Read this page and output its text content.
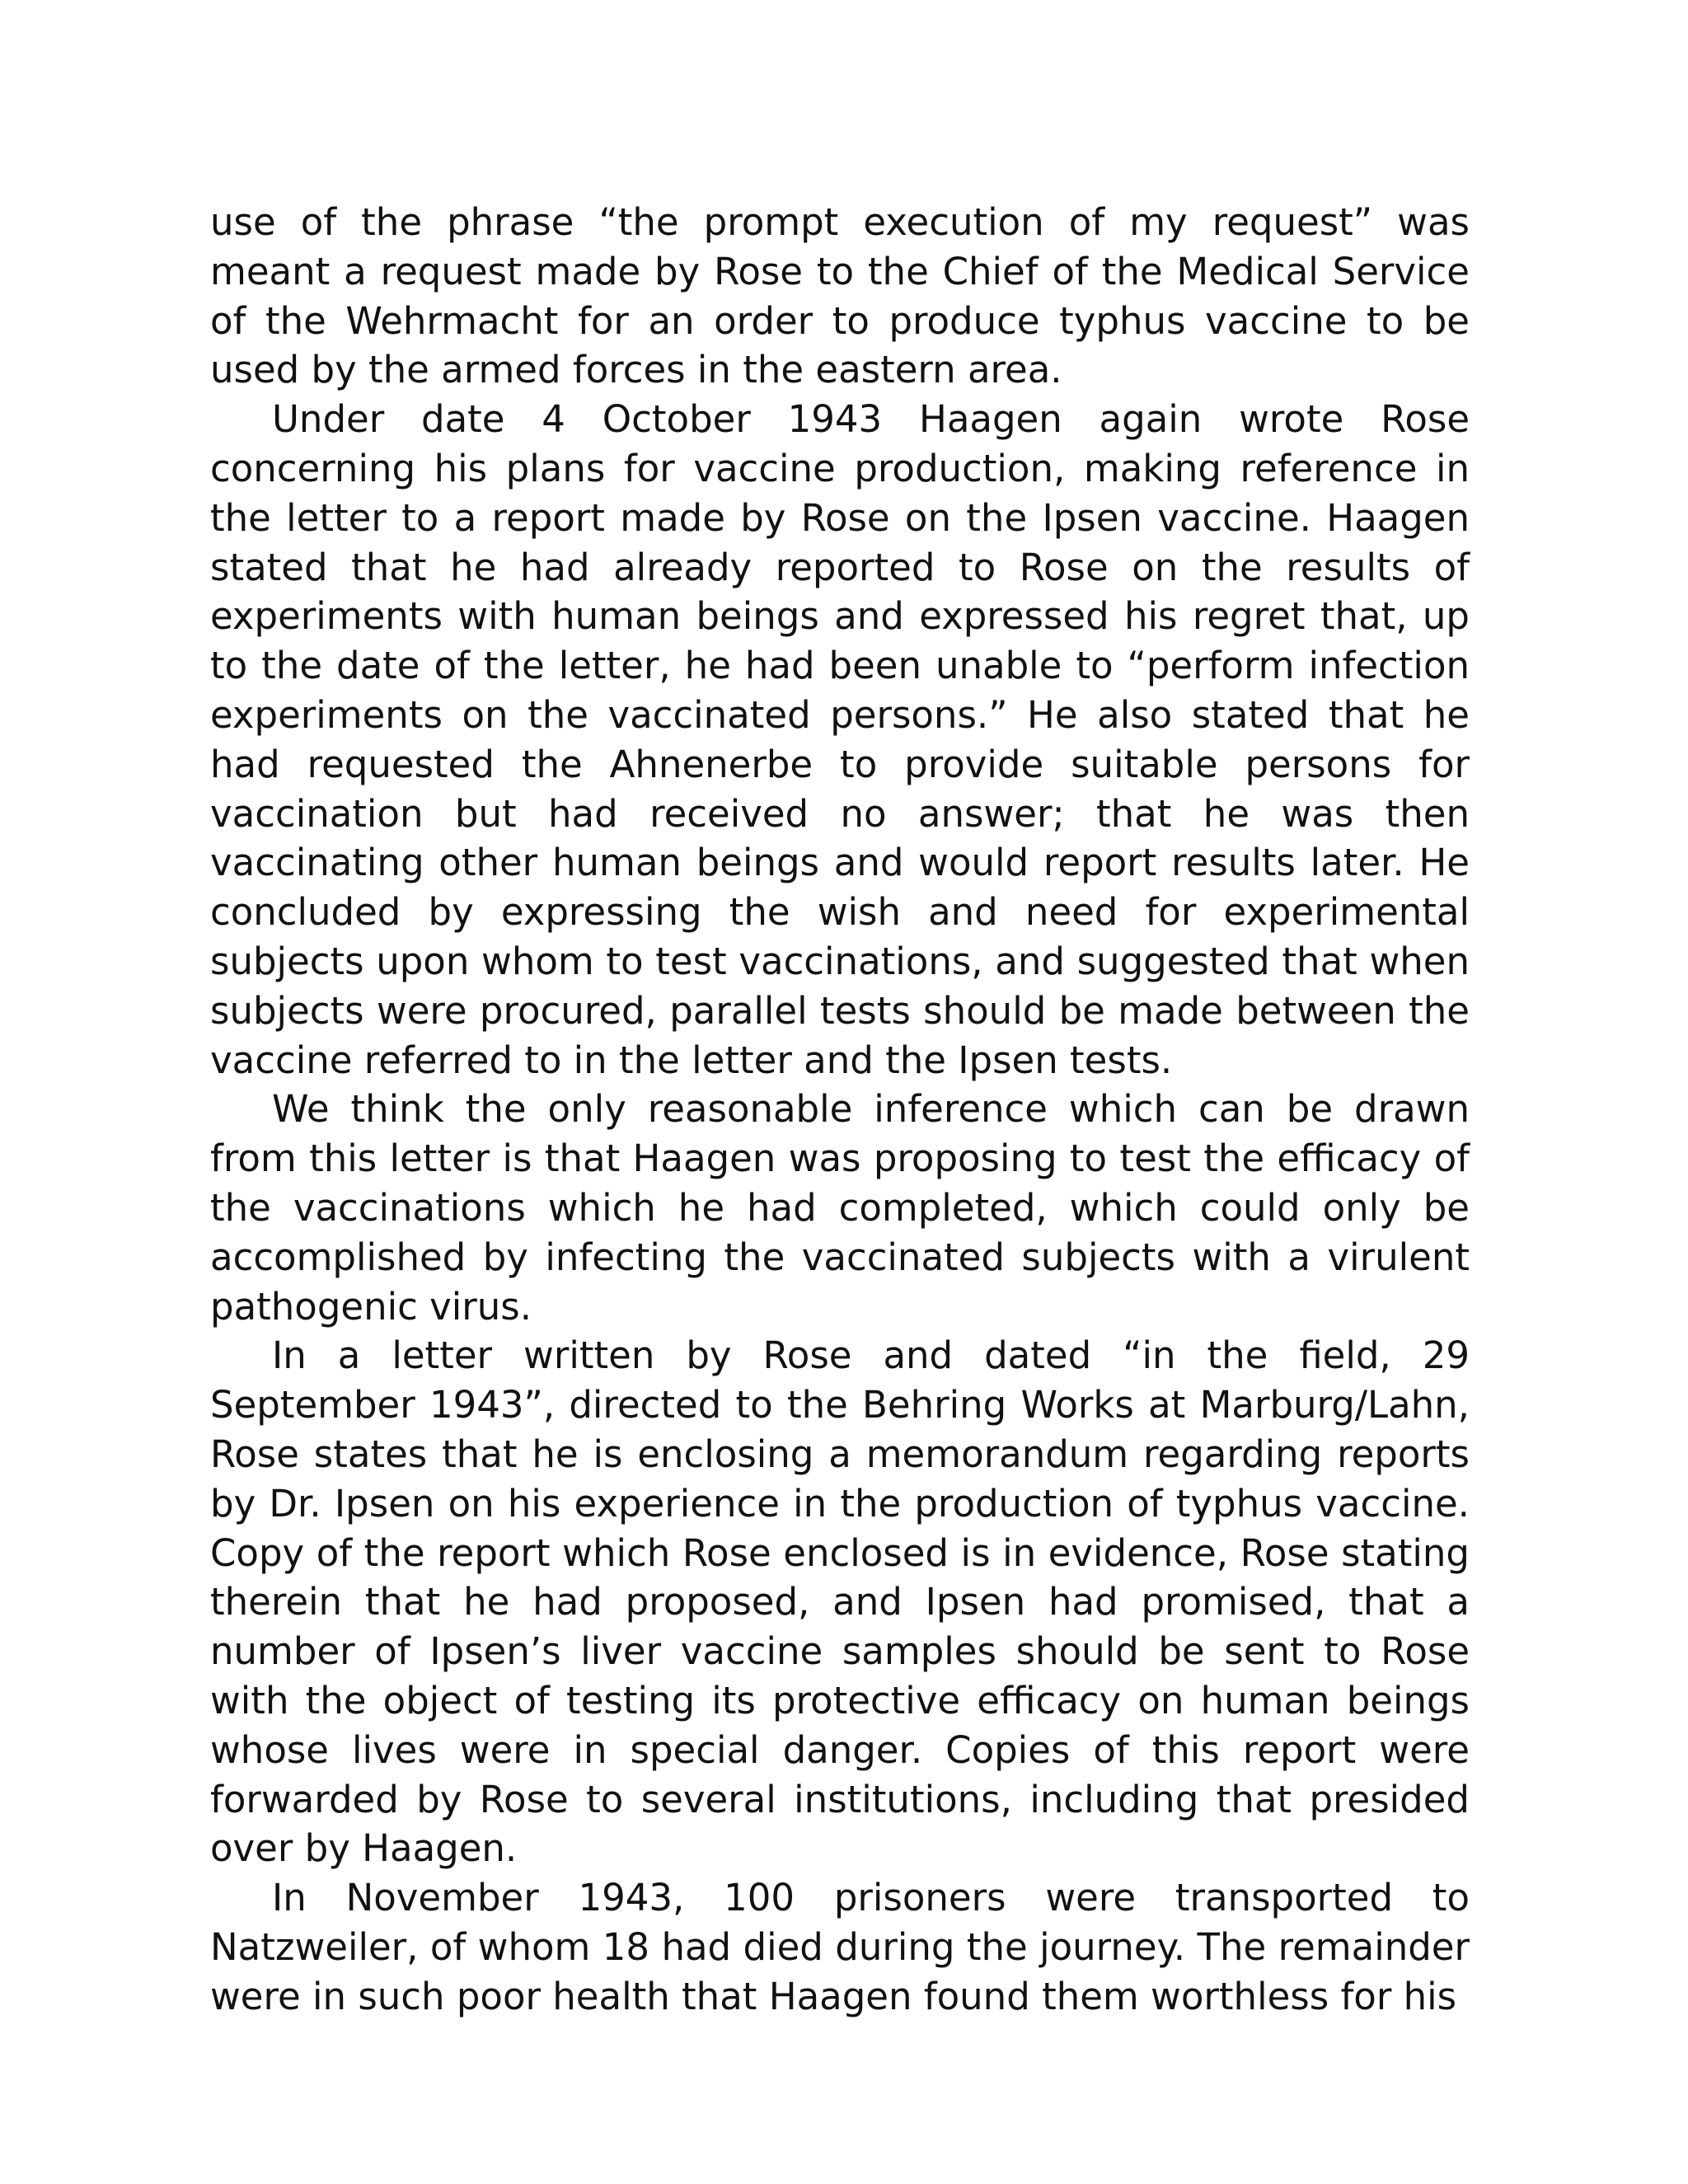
use of the phrase “the prompt execution of my request” was meant a request made by Rose to the Chief of the Medical Service of the Wehrmacht for an order to produce typhus vaccine to be used by the armed forces in the eastern area.

Under date 4 October 1943 Haagen again wrote Rose concerning his plans for vaccine production, making reference in the letter to a report made by Rose on the Ipsen vaccine. Haagen stated that he had already reported to Rose on the results of experiments with human beings and expressed his regret that, up to the date of the letter, he had been unable to “perform infection experiments on the vaccinated persons.” He also stated that he had requested the Ahnenerbe to provide suitable persons for vaccination but had received no answer; that he was then vaccinating other human beings and would report results later. He concluded by expressing the wish and need for experimental subjects upon whom to test vaccinations, and suggested that when subjects were procured, parallel tests should be made between the vaccine referred to in the letter and the Ipsen tests.

We think the only reasonable inference which can be drawn from this letter is that Haagen was proposing to test the efficacy of the vaccinations which he had completed, which could only be accomplished by infecting the vaccinated subjects with a virulent pathogenic virus.

In a letter written by Rose and dated “in the field, 29 September 1943”, directed to the Behring Works at Marburg/Lahn, Rose states that he is enclosing a memorandum regarding reports by Dr. Ipsen on his experience in the production of typhus vaccine. Copy of the report which Rose enclosed is in evidence, Rose stating therein that he had proposed, and Ipsen had promised, that a number of Ipsen’s liver vaccine samples should be sent to Rose with the object of testing its protective efficacy on human beings whose lives were in special danger. Copies of this report were forwarded by Rose to several institutions, including that presided over by Haagen.

In November 1943, 100 prisoners were transported to Natzweiler, of whom 18 had died during the journey. The remainder were in such poor health that Haagen found them worthless for his
